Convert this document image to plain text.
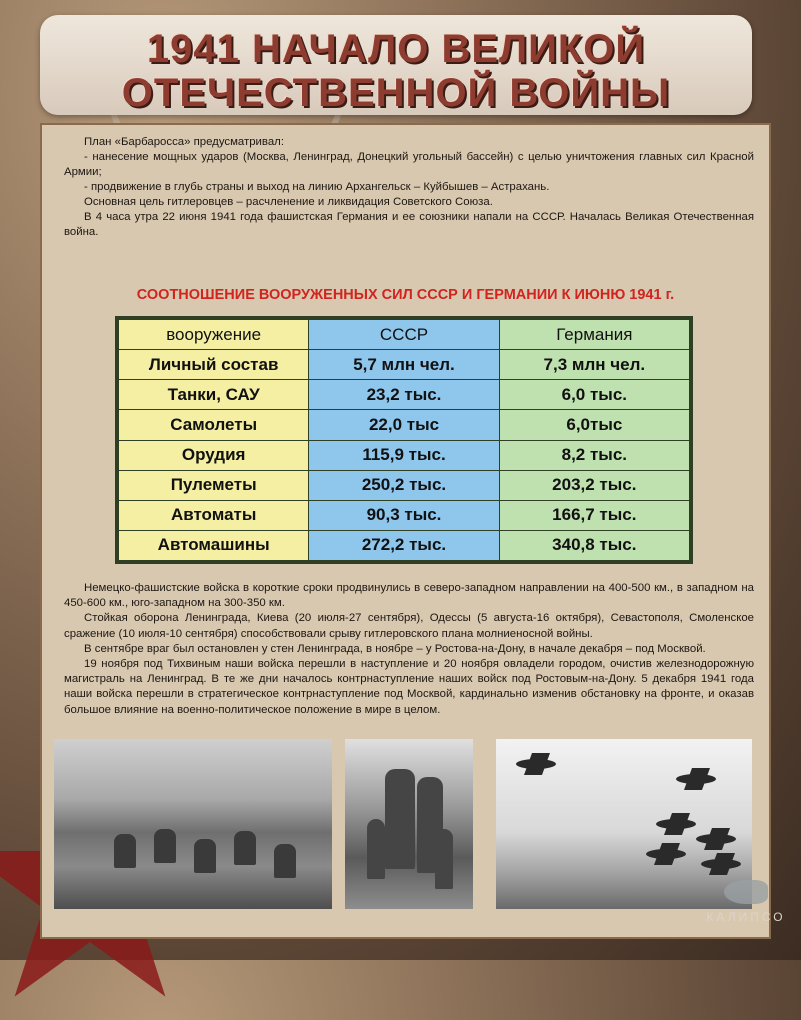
1941 НАЧАЛО ВЕЛИКОЙ
ОТЕЧЕСТВЕННОЙ ВОЙНЫ

План «Барбаросса» предусматривал:

- нанесение мощных ударов (Москва, Ленинград, Донецкий угольный бассейн) с целью уничтожения главных сил Красной Армии;

- продвижение в глубь страны и выход на линию Архангельск – Куйбышев – Астрахань.

Основная цель гитлеровцев – расчленение и ликвидация Советского Союза.

В 4 часа утра 22 июня 1941 года фашистская Германия и ее союзники напали на СССР. Началась Великая Отечественная война.

СООТНОШЕНИЕ ВООРУЖЕННЫХ СИЛ СССР И ГЕРМАНИИ К ИЮНЮ 1941 г.
вооружение	СССР	Германия
Личный состав	5,7 млн чел.	7,3 млн чел.
Танки, САУ	23,2 тыс.	6,0 тыс.
Самолеты	22,0 тыс	6,0тыс
Орудия	115,9 тыс.	8,2 тыс.
Пулеметы	250,2 тыс.	203,2 тыс.
Автоматы	90,3 тыс.	166,7 тыс.
Автомашины	272,2 тыс.	340,8 тыс.

Немецко-фашистские войска в короткие сроки продвинулись в северо-западном направлении на 400-500 км., в западном на 450-600 км., юго-западном на 300-350 км.

Стойкая оборона Ленинграда, Киева (20 июля-27 сентября), Одессы (5 августа-16 октября), Севастополя, Смоленское сражение (10 июля-10 сентября) способствовали срыву гитлеровского плана молниеносной войны.

В сентябре враг был остановлен у стен Ленинграда, в ноябре – у Ростова-на-Дону, в начале декабря – под Москвой.

19 ноября под Тихвиным наши войска перешли в наступление и 20 ноября овладели городом, очистив железнодорожную магистраль на Ленинград. В те же дни началось контрнаступление наших войск под Ростовым-на-Дону. 5 декабря 1941 года наши войска перешли в стратегическое контрнаступление под Москвой, кардинально изменив обстановку на фронте, и оказав большое влияние на военно-политическое положение в мире в целом.

КАЛИПСО
